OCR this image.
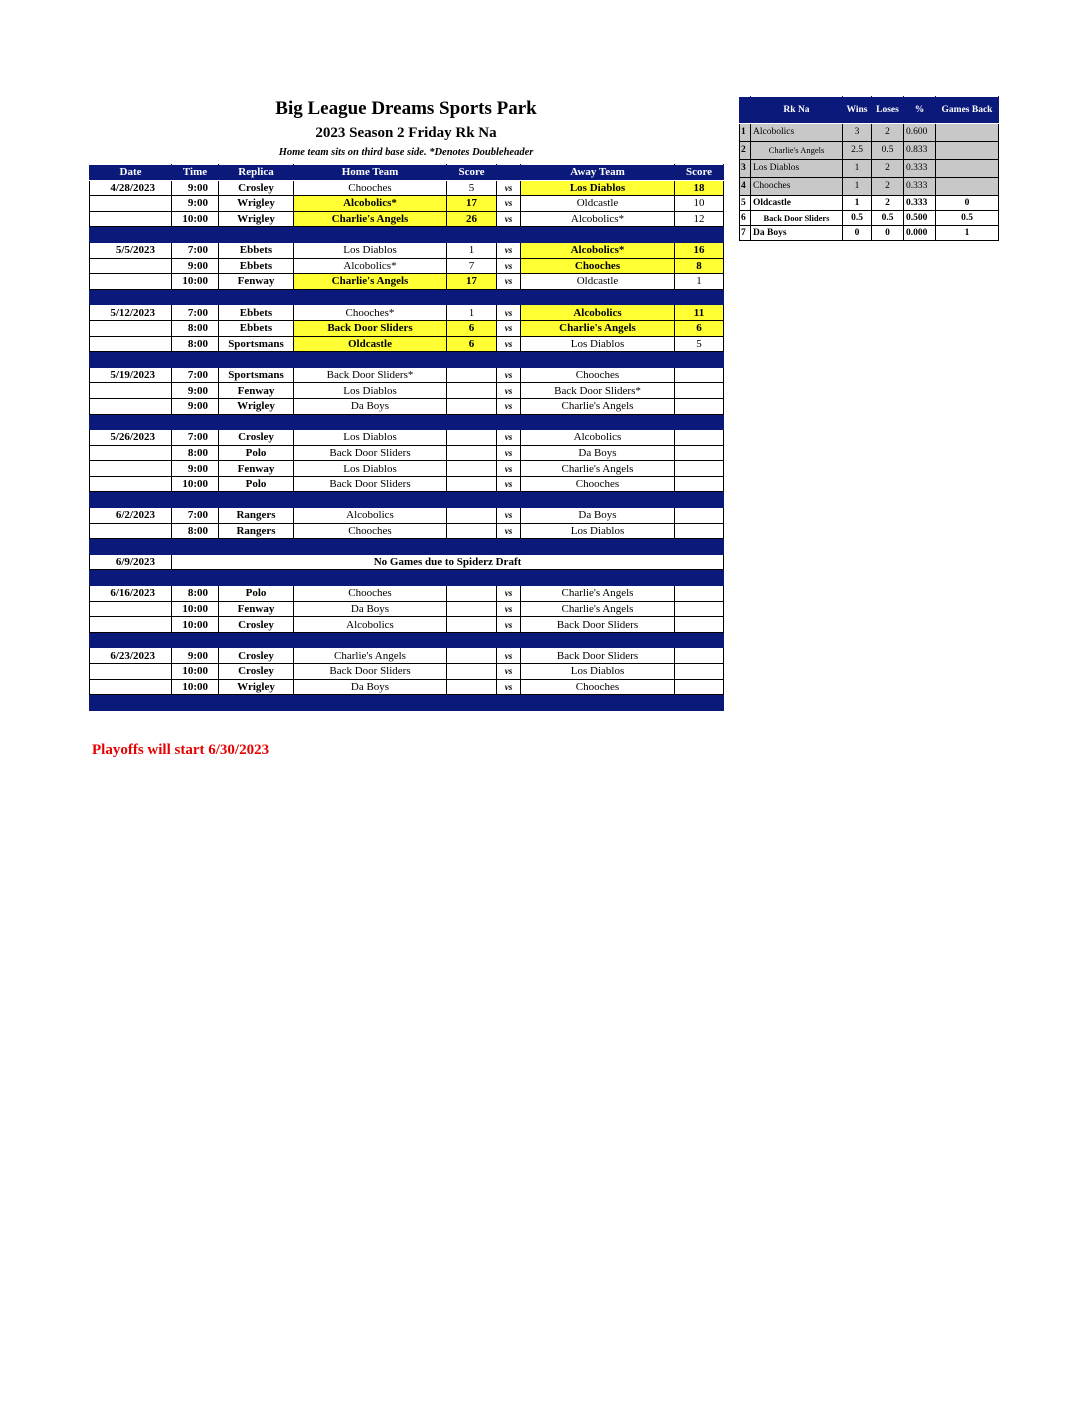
Big League Dreams Sports Park
2023 Season 2 Friday Rk Na
Home team sits on third base side. *Denotes Doubleheader
Date	Time	Replica	Home Team	Score		Away Team	Score
4/28/2023	9:00	Crosley	Chooches	5	vs	Los Diablos	18
	9:00	Wrigley	Alcobolics*	17	vs	Oldcastle	10
	10:00	Wrigley	Charlie's Angels	26	vs	Alcobolics*	12

5/5/2023	7:00	Ebbets	Los Diablos	1	vs	Alcobolics*	16
	9:00	Ebbets	Alcobolics*	7	vs	Chooches	8
	10:00	Fenway	Charlie's Angels	17	vs	Oldcastle	1

5/12/2023	7:00	Ebbets	Chooches*	1	vs	Alcobolics	11
	8:00	Ebbets	Back Door Sliders	6	vs	Charlie's Angels	6
	8:00	Sportsmans	Oldcastle	6	vs	Los Diablos	5

5/19/2023	7:00	Sportsmans	Back Door Sliders*		vs	Chooches	
	9:00	Fenway	Los Diablos		vs	Back Door Sliders*	
	9:00	Wrigley	Da Boys		vs	Charlie's Angels	

5/26/2023	7:00	Crosley	Los Diablos		vs	Alcobolics	
	8:00	Polo	Back Door Sliders		vs	Da Boys	
	9:00	Fenway	Los Diablos		vs	Charlie's Angels	
	10:00	Polo	Back Door Sliders		vs	Chooches	

6/2/2023	7:00	Rangers	Alcobolics		vs	Da Boys	
	8:00	Rangers	Chooches		vs	Los Diablos	

6/9/2023	No Games due to Spiderz Draft						

6/16/2023	8:00	Polo	Chooches		vs	Charlie's Angels	
	10:00	Fenway	Da Boys		vs	Charlie's Angels	
	10:00	Crosley	Alcobolics		vs	Back Door Sliders	

6/23/2023	9:00	Crosley	Charlie's Angels		vs	Back Door Sliders	
	10:00	Crosley	Back Door Sliders		vs	Los Diablos	
	10:00	Wrigley	Da Boys		vs	Chooches	

	Rk Na	Wins	Loses	%	Games Back
1	Alcobolics	3	2	0.600	
2	Charlie's Angels	2.5	0.5	0.833	
3	Los Diablos	1	2	0.333	
4	Chooches	1	2	0.333	
5	Oldcastle	1	2	0.333	0
6	Back Door Sliders	0.5	0.5	0.500	0.5
7	Da Boys	0	0	0.000	1
Playoffs will start 6/30/2023
